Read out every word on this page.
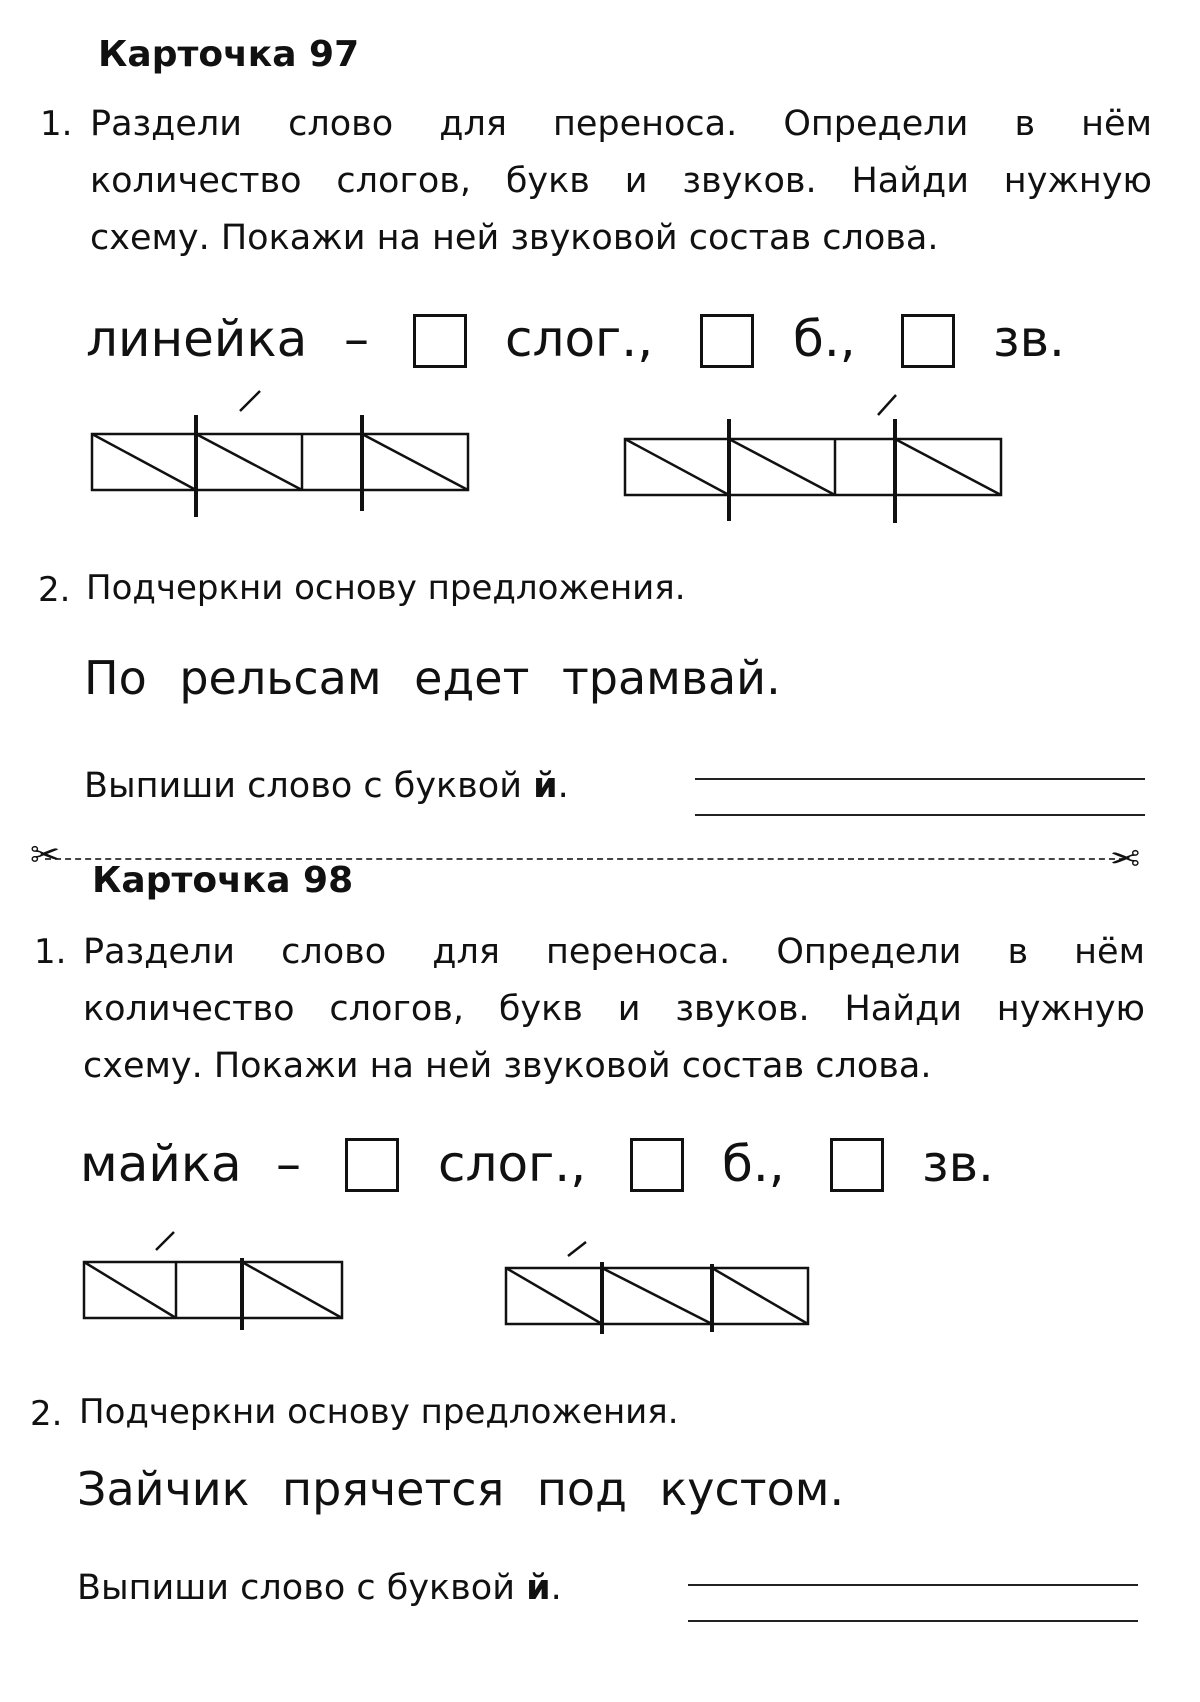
Карточка 97
1. Раздели слово для переноса. Определи в нём
количество слогов, букв и звуков. Найди нужную
схему. Покажи на ней звуковой состав слова.
линейка –	слог.,	б.,	зв.
2. Подчеркни основу предложения.
По рельсам едет трамвай.
Выпиши слово с буквой й.
✂	✂
Карточка 98
1. Раздели слово для переноса. Определи в нём
количество слогов, букв и звуков. Найди нужную
схему. Покажи на ней звуковой состав слова.
майка –	слог.,	б.,	зв.
2. Подчеркни основу предложения.
Зайчик прячется под кустом.
Выпиши слово с буквой й.
